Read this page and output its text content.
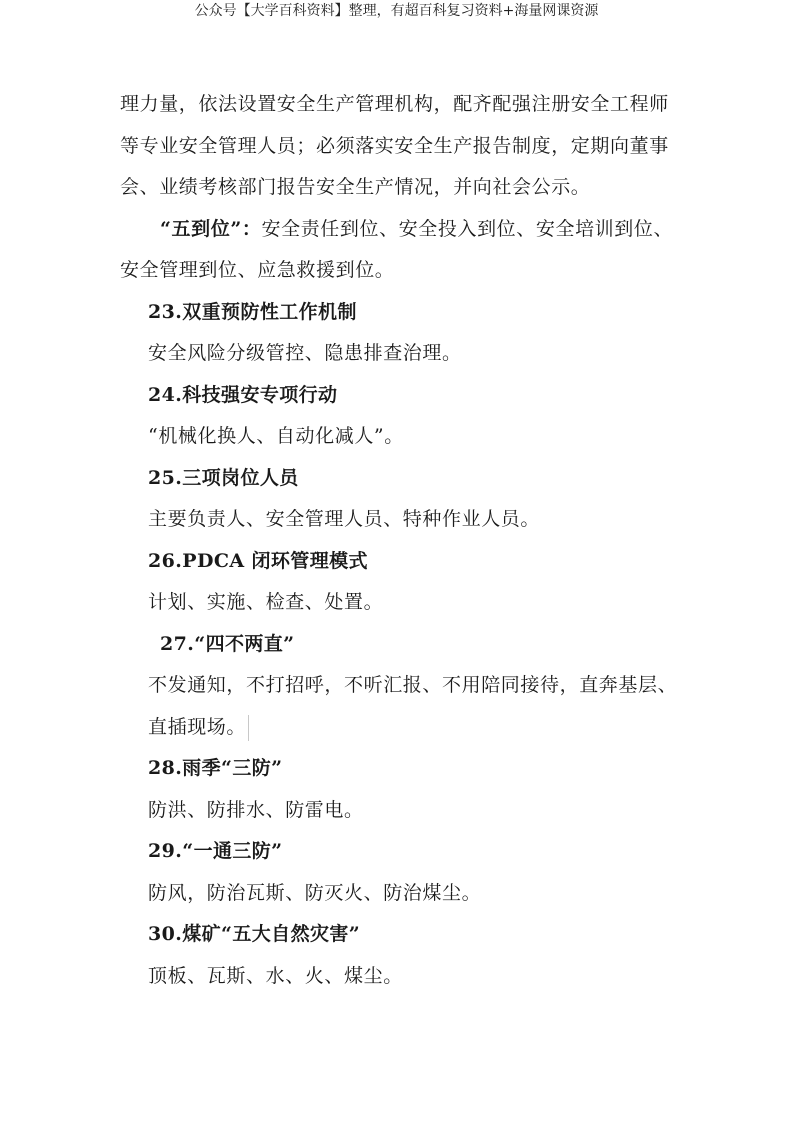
公众号【大学百科资料】整理，有超百科复习资料+海量网课资源
理力量，依法设置安全生产管理机构，配齐配强注册安全工程师
等专业安全管理人员；必须落实安全生产报告制度，定期向董事
会、业绩考核部门报告安全生产情况，并向社会公示。
“五到位”：安全责任到位、安全投入到位、安全培训到位、
安全管理到位、应急救援到位。
23.双重预防性工作机制
安全风险分级管控、隐患排查治理。
24.科技强安专项行动
“机械化换人、自动化减人”。
25.三项岗位人员
主要负责人、安全管理人员、特种作业人员。
26.PDCA 闭环管理模式
计划、实施、检查、处置。
27.“四不两直”
不发通知，不打招呼，不听汇报、不用陪同接待，直奔基层、
直插现场。
28.雨季“三防”
防洪、防排水、防雷电。
29.“一通三防”
防风，防治瓦斯、防灭火、防治煤尘。
30.煤矿“五大自然灾害”
顶板、瓦斯、水、火、煤尘。
